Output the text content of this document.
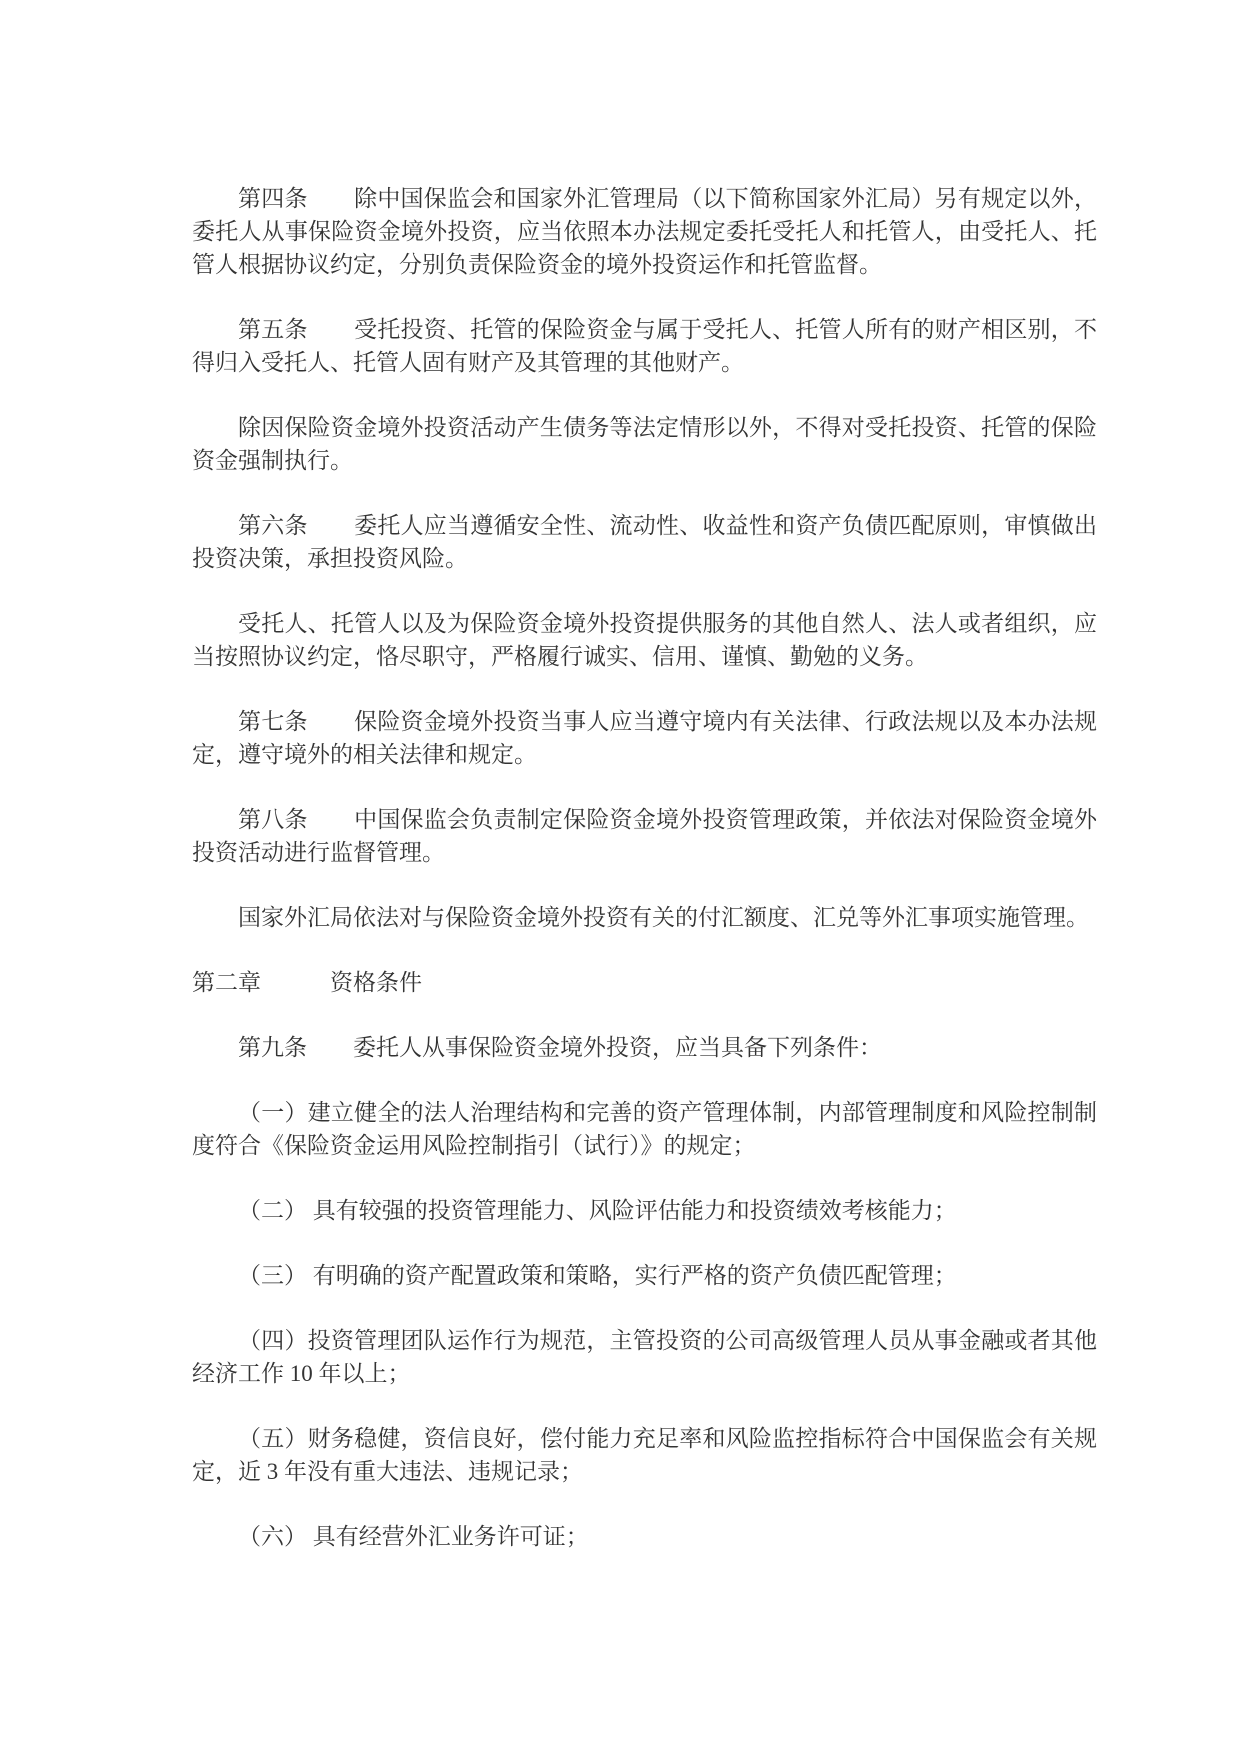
第四条　　除中国保监会和国家外汇管理局（以下简称国家外汇局）另有规定以外，委托人从事保险资金境外投资，应当依照本办法规定委托受托人和托管人，由受托人、托管人根据协议约定，分别负责保险资金的境外投资运作和托管监督。

第五条　　受托投资、托管的保险资金与属于受托人、托管人所有的财产相区别，不得归入受托人、托管人固有财产及其管理的其他财产。

除因保险资金境外投资活动产生债务等法定情形以外，不得对受托投资、托管的保险资金强制执行。

第六条　　委托人应当遵循安全性、流动性、收益性和资产负债匹配原则，审慎做出投资决策，承担投资风险。

受托人、托管人以及为保险资金境外投资提供服务的其他自然人、法人或者组织，应当按照协议约定，恪尽职守，严格履行诚实、信用、谨慎、勤勉的义务。

第七条　　保险资金境外投资当事人应当遵守境内有关法律、行政法规以及本办法规定，遵守境外的相关法律和规定。

第八条　　中国保监会负责制定保险资金境外投资管理政策，并依法对保险资金境外投资活动进行监督管理。

国家外汇局依法对与保险资金境外投资有关的付汇额度、汇兑等外汇事项实施管理。

第二章	资格条件

第九条　　委托人从事保险资金境外投资，应当具备下列条件：

（一）建立健全的法人治理结构和完善的资产管理体制，内部管理制度和风险控制制度符合《保险资金运用风险控制指引（试行）》的规定；

（二） 具有较强的投资管理能力、风险评估能力和投资绩效考核能力；

（三） 有明确的资产配置政策和策略，实行严格的资产负债匹配管理；

（四）投资管理团队运作行为规范，主管投资的公司高级管理人员从事金融或者其他经济工作 10 年以上；

（五）财务稳健，资信良好，偿付能力充足率和风险监控指标符合中国保监会有关规定，近 3 年没有重大违法、违规记录；

（六） 具有经营外汇业务许可证；
